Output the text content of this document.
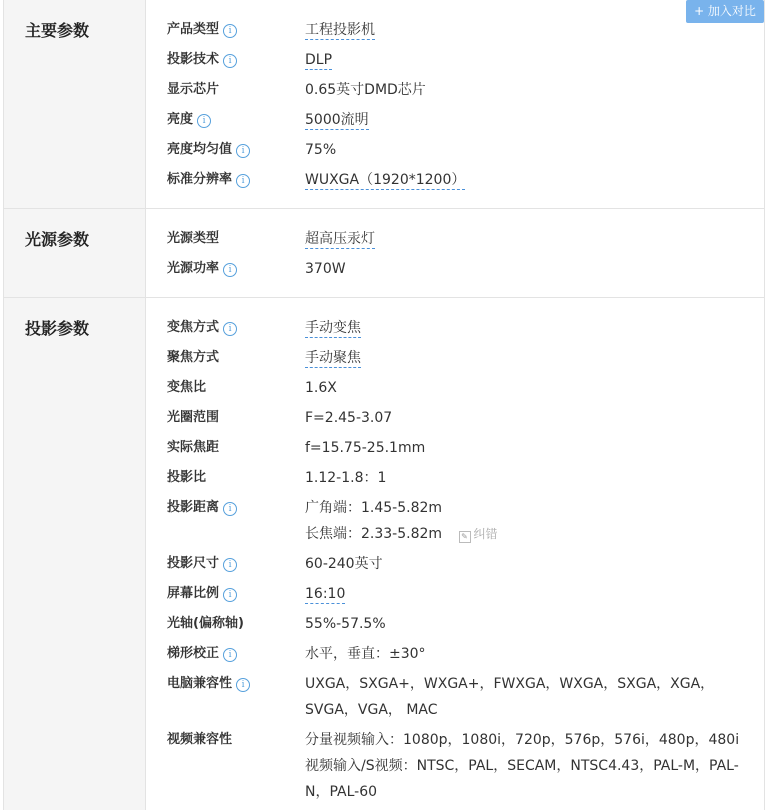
主要参数	产品类型 i	工程投影机
投影技术 i	DLP
显示芯片	0.65英寸DMD芯片
亮度 i	5000流明
亮度均匀值 i	75%
标准分辨率 i	WUXGA（1920*1200）
光源参数	光源类型	超高压汞灯
光源功率 i	370W
投影参数	变焦方式 i	手动变焦
聚焦方式	手动聚焦
变焦比	1.6X
光圈范围	F=2.45-3.07
实际焦距	f=15.75-25.1mm
投影比	1.12-1.8：1
投影距离 i	广角端：1.45-5.82m
长焦端：2.33-5.82m ✎ 纠错
投影尺寸 i	60-240英寸
屏幕比例 i	16:10
光轴(偏称轴)	55%-57.5%
梯形校正 i	水平，垂直：±30°
电脑兼容性 i	UXGA，SXGA+，WXGA+，FWXGA，WXGA，SXGA，XGA，SVGA，VGA， MAC
视频兼容性	分量视频输入：1080p，1080i，720p，576p，576i，480p，480i 视频输入/S视频：NTSC，PAL，SECAM，NTSC4.43，PAL-M，PAL-N，PAL-60
+ 加入对比
